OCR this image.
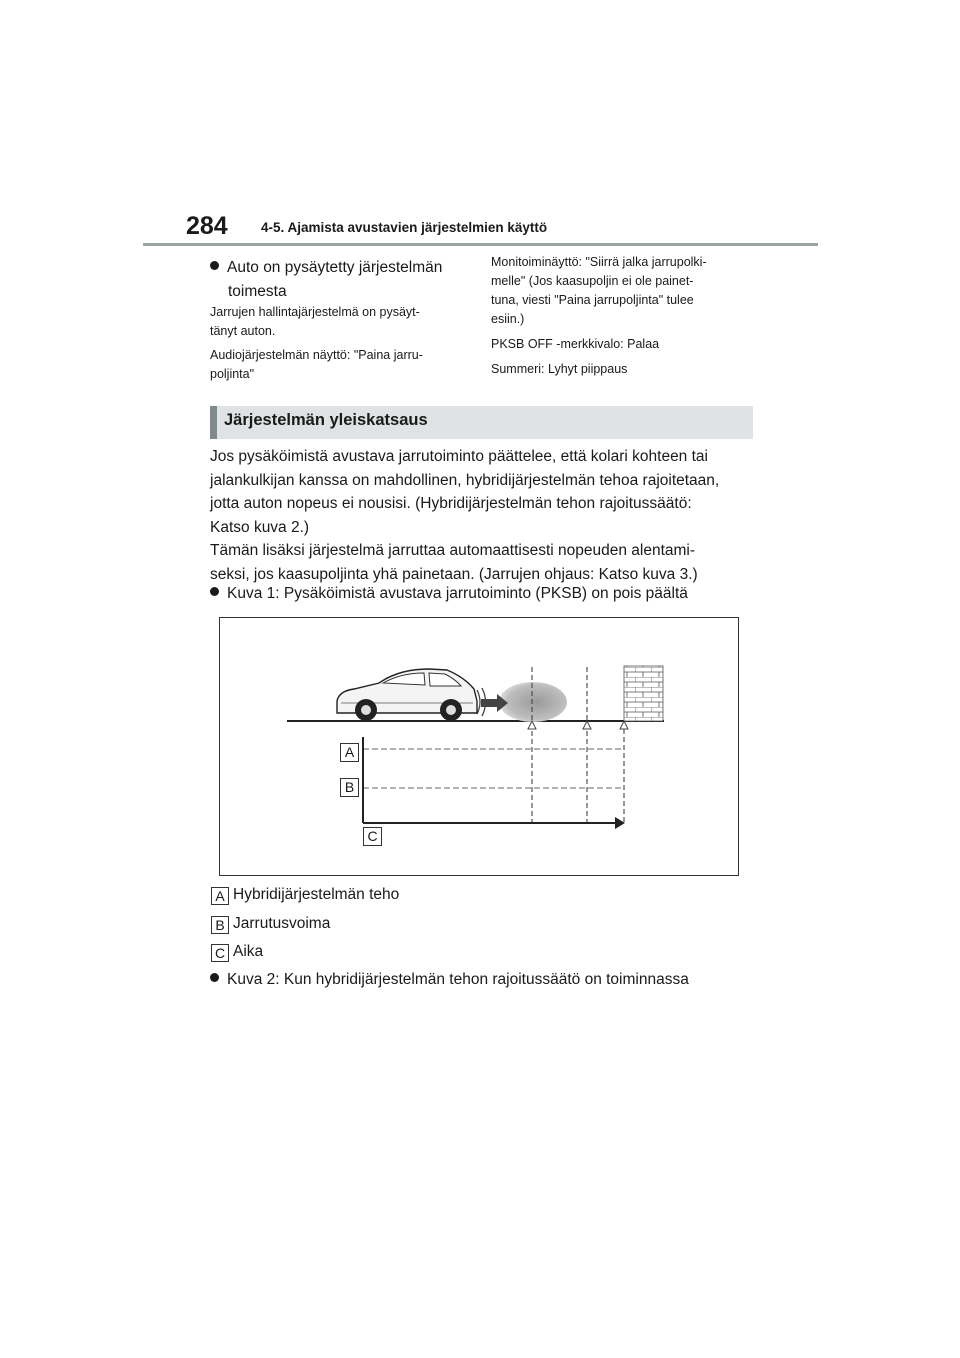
284 4-5. Ajamista avustavien järjestelmien käyttö
Auto on pysäytetty järjestelmän
toimesta
Jarrujen hallintajärjestelmä on pysäyt-
tänyt auton.
Audiojärjestelmän näyttö: "Paina jarru-
poljinta"

Monitoiminäyttö: "Siirrä jalka jarrupolki-
melle" (Jos kaasupoljin ei ole painet-
tuna, viesti "Paina jarrupoljinta" tulee
esiin.)

PKSB OFF -merkkivalo: Palaa

Summeri: Lyhyt piippaus

Järjestelmän yleiskatsaus
Jos pysäköimistä avustava jarrutoiminto päättelee, että kolari kohteen tai
jalankulkijan kanssa on mahdollinen, hybridijärjestelmän tehoa rajoitetaan,
jotta auton nopeus ei nousisi. (Hybridijärjestelmän tehon rajoitussäätö:
Katso kuva 2.)
Tämän lisäksi järjestelmä jarruttaa automaattisesti nopeuden alentami-
seksi, jos kaasupoljinta yhä painetaan. (Jarrujen ohjaus: Katso kuva 3.)
Kuva 1: Pysäköimistä avustava jarrutoiminto (PKSB) on pois päältä
A
B
C
A Hybridijärjestelmän teho
B Jarrutusvoima
C Aika
Kuva 2: Kun hybridijärjestelmän tehon rajoitussäätö on toiminnassa
